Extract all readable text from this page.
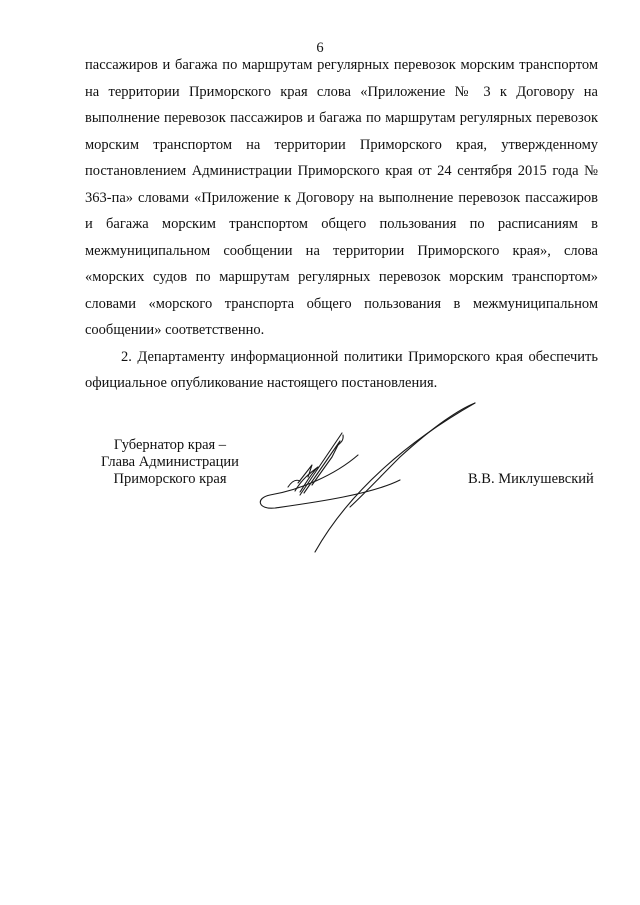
6

пассажиров и багажа по маршрутам регулярных перевозок морским транспортом на территории Приморского края слова «Приложение № 3 к Договору на выполнение перевозок пассажиров и багажа по маршрутам регулярных перевозок морским транспортом на территории Приморского края, утвержденному постановлением Администрации Приморского края от 24 сентября 2015 года № 363-па» словами «Приложение к Договору на выполнение перевозок пассажиров и багажа морским транспортом общего пользования по расписаниям в межмуниципальном сообщении на территории Приморского края», слова «морских судов по маршрутам регулярных перевозок морским транспортом» словами «морского транспорта общего пользования в межмуниципальном сообщении» соответственно.

2. Департаменту информационной политики Приморского края обеспечить официальное опубликование настоящего постановления.

Губернатор края –
Глава Администрации
Приморского края	В.В. Миклушевский
